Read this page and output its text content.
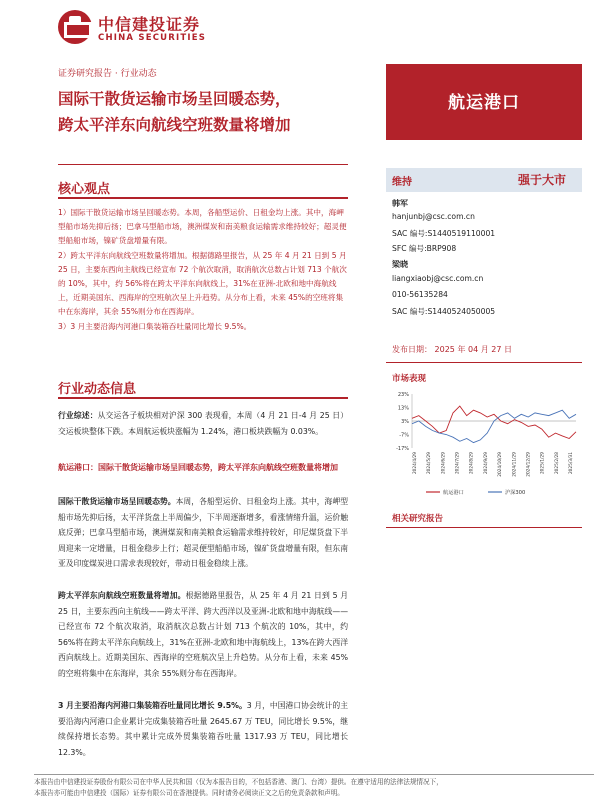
中信建投证券
CHINA SECURITIES
证券研究报告 · 行业动态
国际干散货运输市场呈回暖态势，
跨太平洋东向航线空班数量将增加
航运港口
核心观点

1）国际干散货运输市场呈回暖态势。本周，各船型运价、日租金均上涨。其中，海岬型船市场先抑后扬；巴拿马型船市场，澳洲煤炭和南美粮食运输需求维持较好；超灵便型船船市场，镍矿货盘增量有限。

2）跨太平洋东向航线空班数量将增加。根据德路里报告，从 25 年 4 月 21 日到 5 月 25 日，主要东西向主航线已经宣布 72 个航次取消，取消航次总数占计划 713 个航次的 10%，其中，约 56%将在跨太平洋东向航线上，31%在亚洲-北欧和地中海航线上，近期美国东、西海岸的空班航次呈上升趋势。从分布上看，未来 45%的空班将集中在东海岸，其余 55%则分布在西海岸。

3）3 月主要沿海内河港口集装箱吞吐量同比增长 9.5%。

行业动态信息
行业综述：从交运各子板块相对沪深 300 表现看，本周（4 月 21 日-4 月 25 日）交运板块整体下跌。本周航运板块涨幅为 1.24%，港口板块跌幅为 0.03%。
航运港口：国际干散货运输市场呈回暖态势，跨太平洋东向航线空班数量将增加
国际干散货运输市场呈回暖态势。本周，各船型运价、日租金均上涨。其中，海岬型船市场先抑后扬，太平洋货盘上半周偏少，下半周逐渐增多，看涨情绪升温，运价触底反弹；巴拿马型船市场，澳洲煤炭和南美粮食运输需求维持较好，印尼煤货盘下半周迎来一定增量，日租金稳步上行；超灵便型船船市场，镍矿货盘增量有限，但东南亚及印度煤炭进口需求表现较好，带动日租金稳续上涨。
跨太平洋东向航线空班数量将增加。根据德路里报告，从 25 年 4 月 21 日到 5 月 25 日，主要东西向主航线——跨太平洋、跨大西洋以及亚洲-北欧和地中海航线——已经宣布 72 个航次取消，取消航次总数占计划 713 个航次的 10%，其中，约 56%将在跨太平洋东向航线上，31%在亚洲-北欧和地中海航线上，13%在跨大西洋西向航线上。近期美国东、西海岸的空班航次呈上升趋势。从分布上看，未来 45%的空班将集中在东海岸，其余 55%则分布在西海岸。
3 月主要沿海内河港口集装箱吞吐量同比增长 9.5%。3 月，中国港口协会统计的主要沿海内河港口企业累计完成集装箱吞吐量 2645.67 万 TEU，同比增长 9.5%，继续保持增长态势。其中累计完成外贸集装箱吞吐量 1317.93 万 TEU，同比增长 12.3%。
维持	强于大市
韩军
hanjunbj@csc.com.cn
SAC 编号:S1440519110001
SFC 编号:BRP908
梁晓
liangxiaobj@csc.com.cn
010-56135284
SAC 编号:S1440524050005
发布日期： 2025 年 04 月 27 日
市场表现
23%
13%
3%
-7%
-17%
2024/4/29 2024/5/29 2024/6/29 2024/7/29 2024/8/29 2024/9/29 2024/10/29 2024/11/29 2024/12/29 2025/1/29 2025/2/28 2025/3/31
航运港口	沪深300
相关研究报告
本报告由中信建投证券股份有限公司在中华人民共和国（仅为本报告目的，不包括香港、澳门、台湾）提供。在遵守适用的法律法规情况下，
本报告亦可能由中信建投（国际）证券有限公司在香港提供。同时请务必阅读正文之后的免责条款和声明。
